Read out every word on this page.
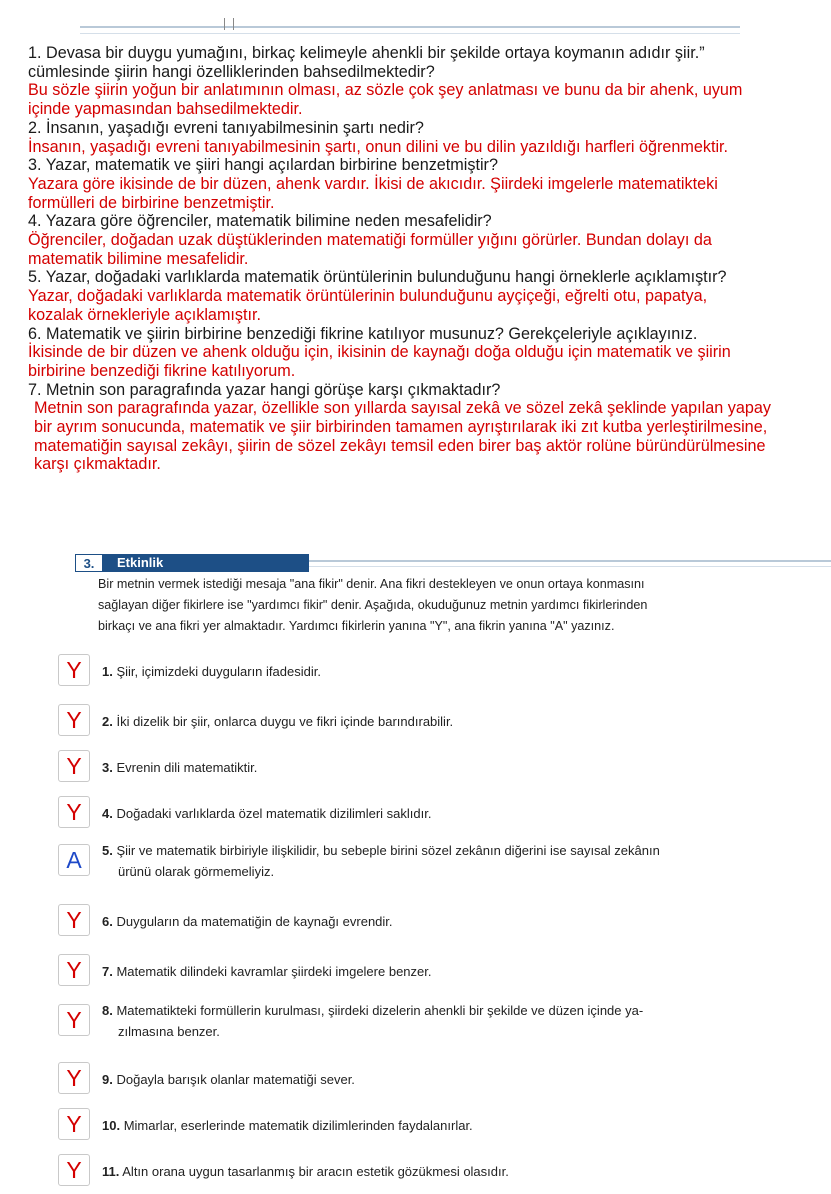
1. Devasa bir duygu yumağını, birkaç kelimeyle ahenkli bir şekilde ortaya koymanın adıdır şiir.”
cümlesinde şiirin hangi özelliklerinden bahsedilmektedir?
Bu sözle şiirin yoğun bir anlatımının olması, az sözle çok şey anlatması ve bunu da bir ahenk, uyum
içinde yapmasından bahsedilmektedir.
2. İnsanın, yaşadığı evreni tanıyabilmesinin şartı nedir?
İnsanın, yaşadığı evreni tanıyabilmesinin şartı, onun dilini ve bu dilin yazıldığı harfleri öğrenmektir.
3. Yazar, matematik ve şiiri hangi açılardan birbirine benzetmiştir?
Yazara göre ikisinde de bir düzen, ahenk vardır. İkisi de akıcıdır. Şiirdeki imgelerle matematikteki
formülleri de birbirine benzetmiştir.
4. Yazara göre öğrenciler, matematik bilimine neden mesafelidir?
Öğrenciler, doğadan uzak düştüklerinden matematiği formüller yığını görürler. Bundan dolayı da
matematik bilimine mesafelidir.
5. Yazar, doğadaki varlıklarda matematik örüntülerinin bulunduğunu hangi örneklerle açıklamıştır?
Yazar, doğadaki varlıklarda matematik örüntülerinin bulunduğunu ayçiçeği, eğrelti otu, papatya,
kozalak örnekleriyle açıklamıştır.
6. Matematik ve şiirin birbirine benzediği fikrine katılıyor musunuz? Gerekçeleriyle açıklayınız.
İkisinde de bir düzen ve ahenk olduğu için, ikisinin de kaynağı doğa olduğu için matematik ve şiirin
birbirine benzediği fikrine katılıyorum.
7. Metnin son paragrafında yazar hangi görüşe karşı çıkmaktadır?
Metnin son paragrafında yazar, özellikle son yıllarda sayısal zekâ ve sözel zekâ şeklinde yapılan yapay
bir ayrım sonucunda, matematik ve şiir birbirinden tamamen ayrıştırılarak iki zıt kutba yerleştirilmesine,
matematiğin sayısal zekâyı, şiirin de sözel zekâyı temsil eden birer baş aktör rolüne büründürülmesine
karşı çıkmaktadır.
3.	Etkinlik
Bir metnin vermek istediği mesaja "ana fikir" denir. Ana fikri destekleyen ve onun ortaya konmasını
sağlayan diğer fikirlere ise "yardımcı fikir" denir. Aşağıda, okuduğunuz metnin yardımcı fikirlerinden
birkaçı ve ana fikri yer almaktadır. Yardımcı fikirlerin yanına "Y", ana fikrin yanına "A" yazınız.
Y	1. Şiir, içimizdeki duyguların ifadesidir.
Y	2. İki dizelik bir şiir, onlarca duygu ve fikri içinde barındırabilir.
Y	3. Evrenin dili matematiktir.
Y	4. Doğadaki varlıklarda özel matematik dizilimleri saklıdır.
A	5. Şiir ve matematik birbiriyle ilişkilidir, bu sebeple birini sözel zekânın diğerini ise sayısal zekânın
ürünü olarak görmemeliyiz.
Y	6. Duyguların da matematiğin de kaynağı evrendir.
Y	7. Matematik dilindeki kavramlar şiirdeki imgelere benzer.
Y	8. Matematikteki formüllerin kurulması, şiirdeki dizelerin ahenkli bir şekilde ve düzen içinde ya-
zılmasına benzer.
Y	9. Doğayla barışık olanlar matematiği sever.
Y	10. Mimarlar, eserlerinde matematik dizilimlerinden faydalanırlar.
Y	11. Altın orana uygun tasarlanmış bir aracın estetik gözükmesi olasıdır.
